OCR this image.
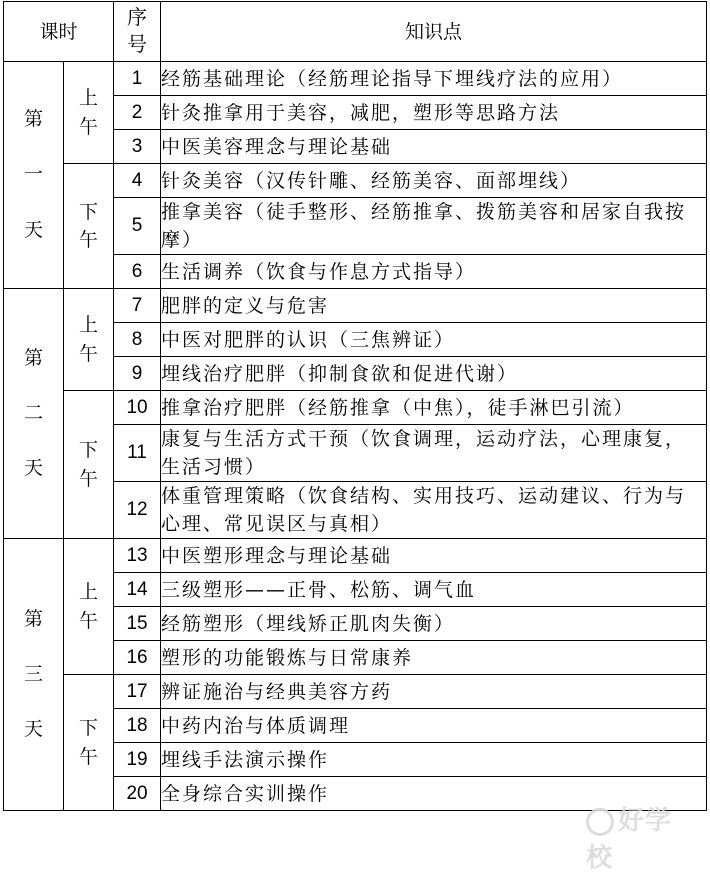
课时		序号	知识点
第一天	上午	1	经筋基础理论（经筋理论指导下埋线疗法的应用）
		2	针灸推拿用于美容，减肥，塑形等思路方法
		3	中医美容理念与理论基础
	下午	4	针灸美容（汉传针雕、经筋美容、面部埋线）
		5	推拿美容（徒手整形、经筋推拿、拨筋美容和居家自我按摩）
		6	生活调养（饮食与作息方式指导）
第二天	上午	7	肥胖的定义与危害
		8	中医对肥胖的认识（三焦辨证）
		9	埋线治疗肥胖（抑制食欲和促进代谢）
	下午	10	推拿治疗肥胖（经筋推拿（中焦），徒手淋巴引流）
		11	康复与生活方式干预（饮食调理，运动疗法，心理康复，生活习惯）
		12	体重管理策略（饮食结构、实用技巧、运动建议、行为与心理、常见误区与真相）
第三天	上午	13	中医塑形理念与理论基础
		14	三级塑形——正骨、松筋、调气血
		15	经筋塑形（埋线矫正肌肉失衡）
		16	塑形的功能锻炼与日常康养
	下午	17	辨证施治与经典美容方药
		18	中药内治与体质调理
		19	埋线手法演示操作
		20	全身综合实训操作
好学校
